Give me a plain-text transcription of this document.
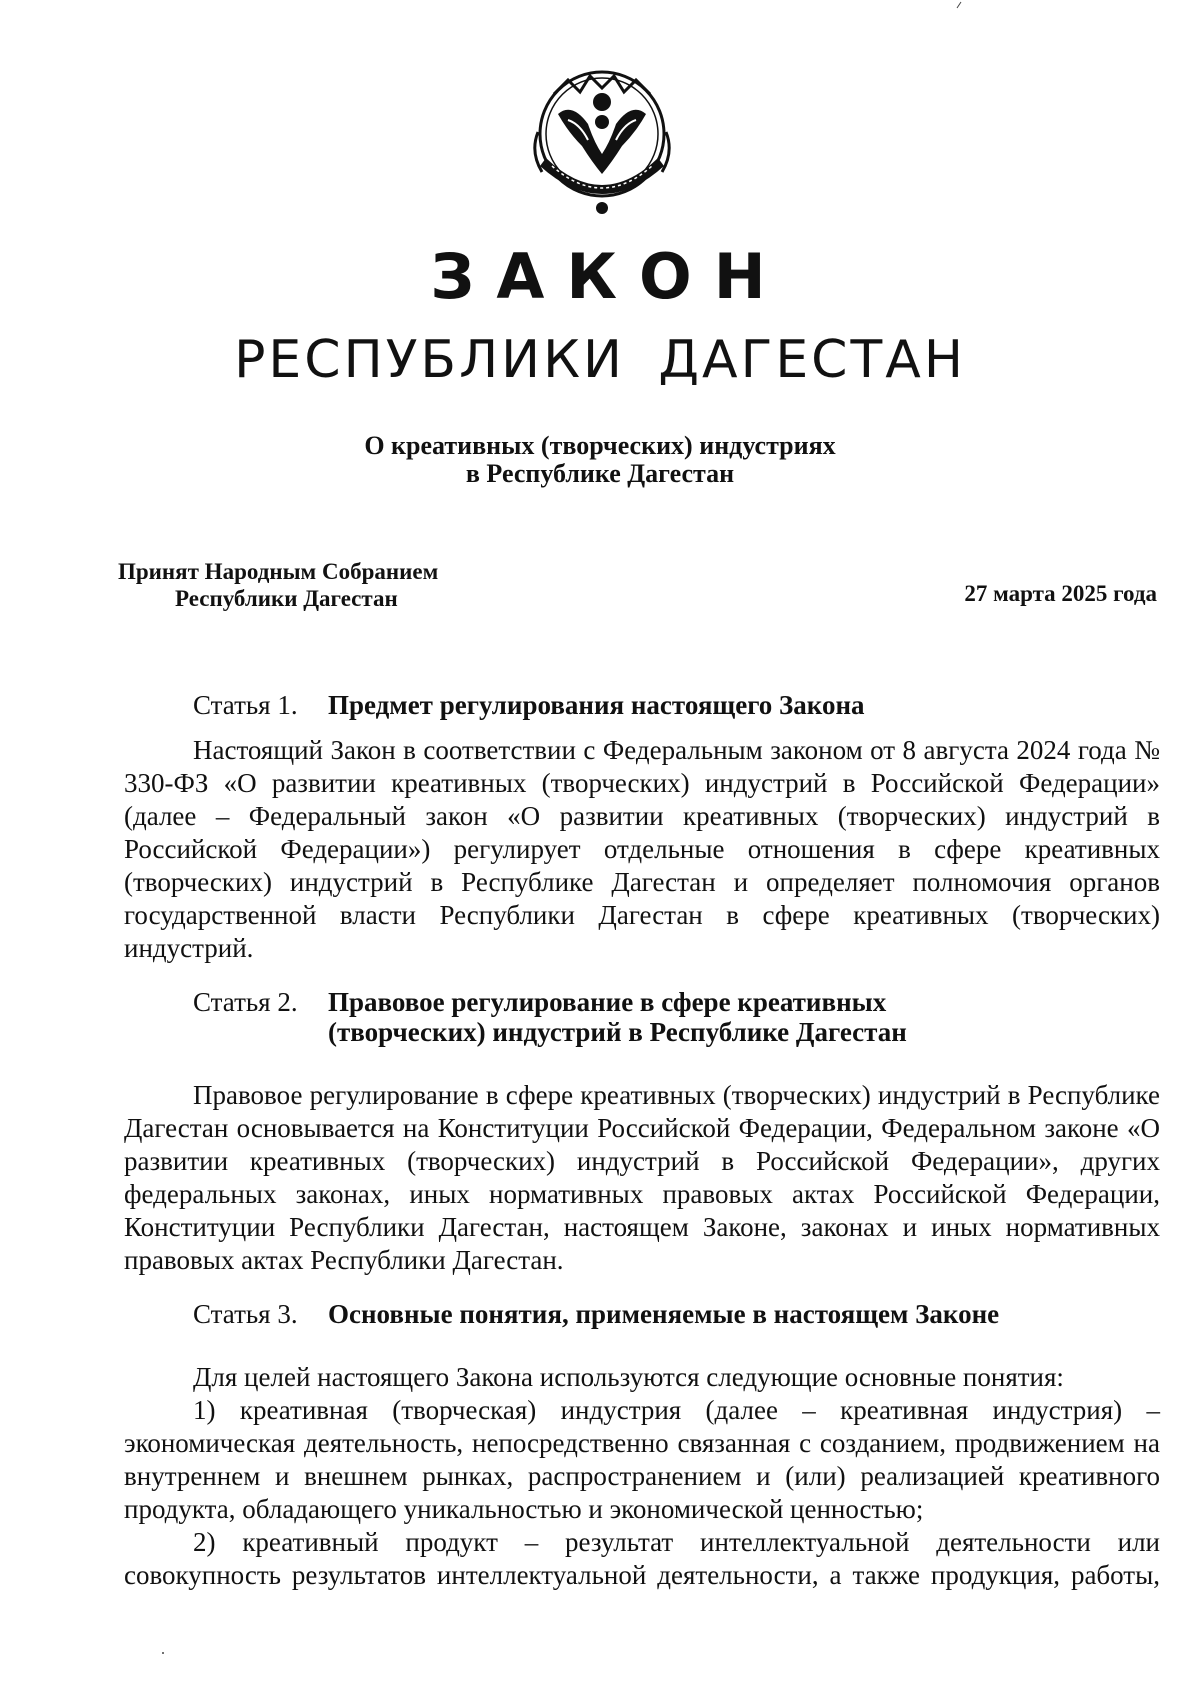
ЗАКОН
РЕСПУБЛИКИ ДАГЕСТАН
О креативных (творческих) индустриях
в Республике Дагестан
Принят Народным Собранием
Республики Дагестан	27 марта 2025 года
Статья 1. Предмет регулирования настоящего Закона

Настоящий Закон в соответствии с Федеральным законом от 8 августа 2024 года № 330-ФЗ «О развитии креативных (творческих) индустрий в Российской Федерации» (далее – Федеральный закон «О развитии креативных (творческих) индустрий в Российской Федерации») регулирует отдельные отношения в сфере креативных (творческих) индустрий в Республике Дагестан и определяет полномочия органов государственной власти Республики Дагестан в сфере креативных (творческих) индустрий.

Статья 2. Правовое регулирование в сфере креативных
(творческих) индустрий в Республике Дагестан

Правовое регулирование в сфере креативных (творческих) индустрий в Республике Дагестан основывается на Конституции Российской Федерации, Федеральном законе «О развитии креативных (творческих) индустрий в Российской Федерации», других федеральных законах, иных нормативных правовых актах Российской Федерации, Конституции Республики Дагестан, настоящем Законе, законах и иных нормативных правовых актах Республики Дагестан.

Статья 3. Основные понятия, применяемые в настоящем Законе

Для целей настоящего Закона используются следующие основные понятия:

1) креативная (творческая) индустрия (далее – креативная индустрия) – экономическая деятельность, непосредственно связанная с созданием, продвижением на внутреннем и внешнем рынках, распространением и (или) реализацией креативного продукта, обладающего уникальностью и экономической ценностью;

2) креативный продукт – результат интеллектуальной деятельности или совокупность результатов интеллектуальной деятельности, а также продукция, работы,
